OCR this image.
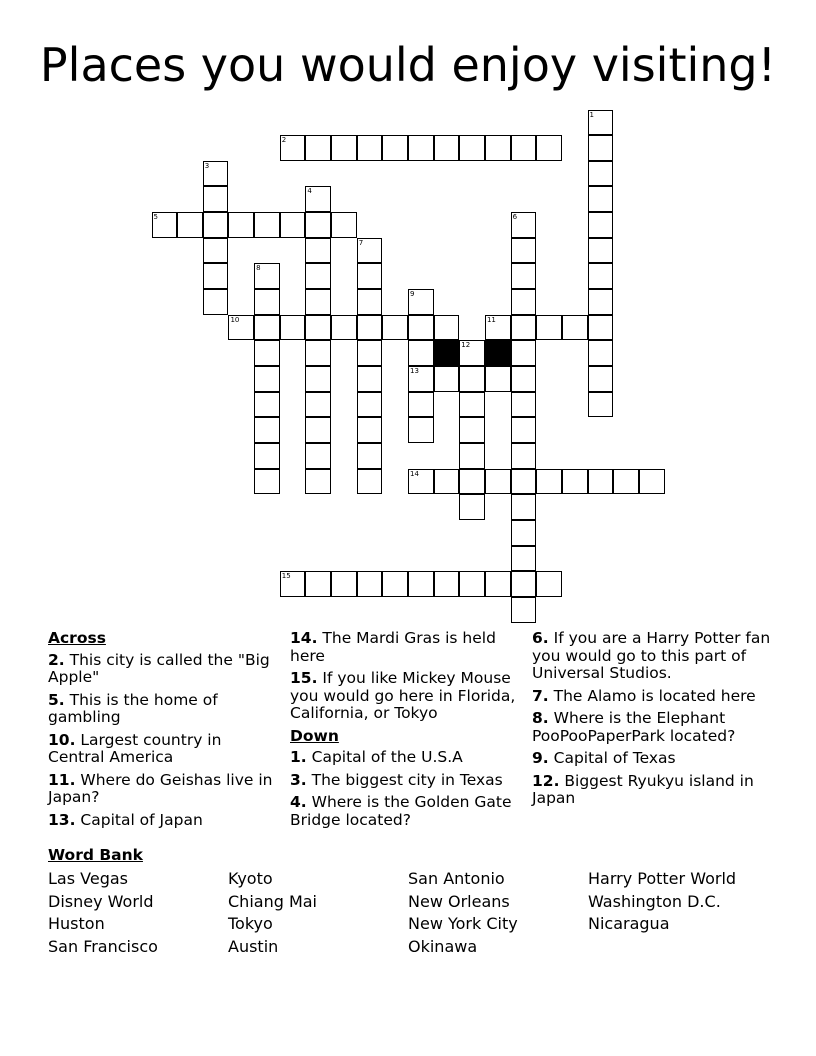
Places you would enjoy visiting!
1
2
3
4
5	6
7
8
9
10	11
12
13
14
15
Across
2. This city is called the "Big Apple"
5. This is the home of gambling
10. Largest country in Central America
11. Where do Geishas live in Japan?
13. Capital of Japan
14. The Mardi Gras is held here
15. If you like Mickey Mouse you would go here in Florida, California, or Tokyo
Down
1. Capital of the U.S.A
3. The biggest city in Texas
4. Where is the Golden Gate Bridge located?
6. If you are a Harry Potter fan you would go to this part of Universal Studios.
7. The Alamo is located here
8. Where is the Elephant PooPooPaperPark located?
9. Capital of Texas
12. Biggest Ryukyu island in Japan
Word Bank
Las Vegas
Disney World
Huston
San Francisco
Kyoto
Chiang Mai
Tokyo
Austin
San Antonio
New Orleans
New York City
Okinawa
Harry Potter World
Washington D.C.
Nicaragua
